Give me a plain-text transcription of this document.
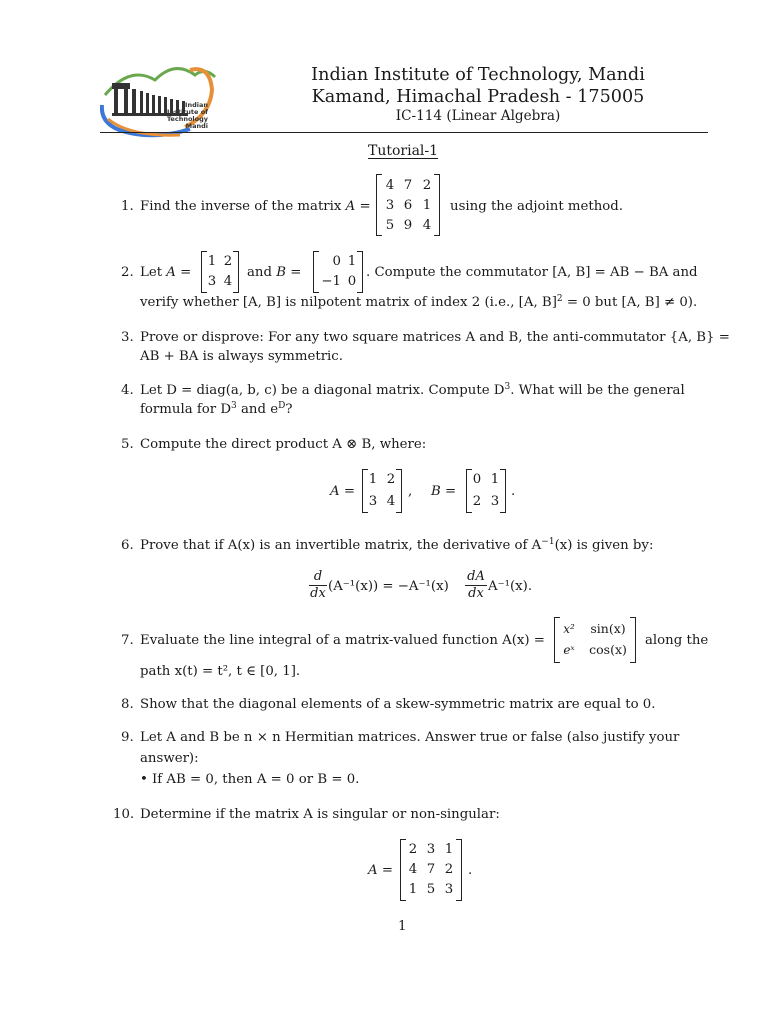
Indian
Institute of
Technology
Mandi
Indian Institute of Technology, Mandi
Kamand, Himachal Pradesh - 175005
IC-114 (Linear Algebra)
Tutorial-1
1. Find the inverse of the matrix A =
4 7 2
3 6 1
5 9 4
using the adjoint method.
2. Let A =
1 2
3 4
and B =
0 1
−1 0
. Compute the commutator [A, B] = AB − BA and
verify whether [A, B] is nilpotent matrix of index 2 (i.e., [A, B]$^2$ = 0 but [A, B] ≠ 0).
3. Prove or disprove: For any two square matrices A and B, the anti-commutator {A, B} =
AB + BA is always symmetric.
4. Let D = diag(a, b, c) be a diagonal matrix. Compute $D^3$. What will be the general
formula for $D^3$ and $e^D$?
5. Compute the direct product A ⊗ B, where:
A =
1 2
3 4
, B =
0 1
2 3
.
6. Prove that if A(x) is an invertible matrix, the derivative of $A^{-1}(x)$ is given by:
d
dx (A⁻¹(x)) = −A⁻¹(x)
dA
dx A⁻¹(x).
7. Evaluate the line integral of a matrix-valued function A(x) =
x²	sin(x)
eˣ	cos(x)
along the
path x(t) = t², t ∈ [0, 1].
8. Show that the diagonal elements of a skew-symmetric matrix are equal to 0.
9. Let A and B be n × n Hermitian matrices. Answer true or false (also justify your
answer):
• If AB = 0, then A = 0 or B = 0.
10. Determine if the matrix A is singular or non-singular:
A =
2 3 1
4 7 2
1 5 3
.
1
